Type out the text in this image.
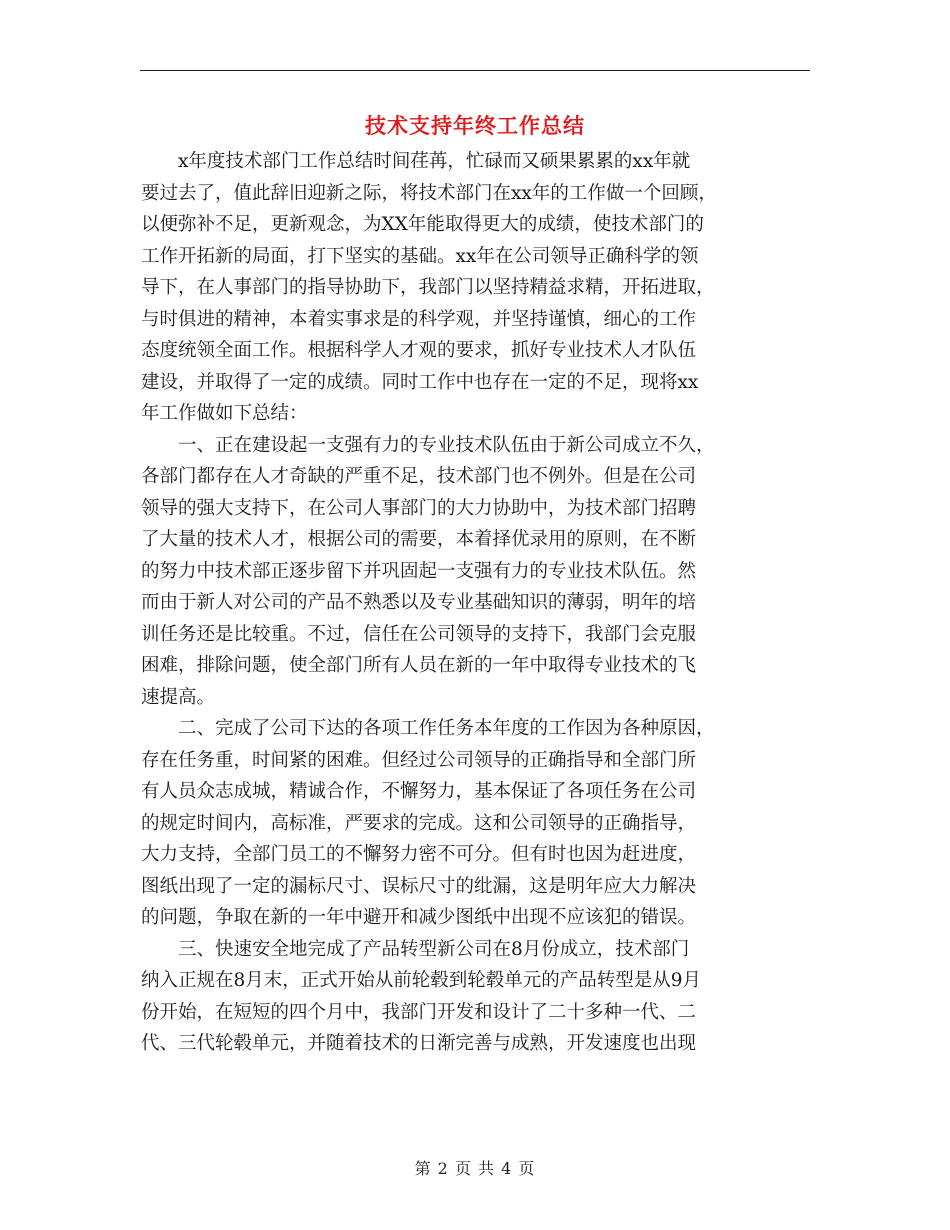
技术支持年终工作总结
x年度技术部门工作总结时间荏苒，忙碌而又硕果累累的xx年就
要过去了，值此辞旧迎新之际，将技术部门在xx年的工作做一个回顾，
以便弥补不足，更新观念，为XX年能取得更大的成绩，使技术部门的
工作开拓新的局面，打下坚实的基础。xx年在公司领导正确科学的领
导下，在人事部门的指导协助下，我部门以坚持精益求精，开拓进取，
与时俱进的精神，本着实事求是的科学观，并坚持谨慎，细心的工作
态度统领全面工作。根据科学人才观的要求，抓好专业技术人才队伍
建设，并取得了一定的成绩。同时工作中也存在一定的不足，现将xx
年工作做如下总结：
一、正在建设起一支强有力的专业技术队伍由于新公司成立不久，
各部门都存在人才奇缺的严重不足，技术部门也不例外。但是在公司
领导的强大支持下，在公司人事部门的大力协助中，为技术部门招聘
了大量的技术人才，根据公司的需要，本着择优录用的原则，在不断
的努力中技术部正逐步留下并巩固起一支强有力的专业技术队伍。然
而由于新人对公司的产品不熟悉以及专业基础知识的薄弱，明年的培
训任务还是比较重。不过，信任在公司领导的支持下，我部门会克服
困难，排除问题，使全部门所有人员在新的一年中取得专业技术的飞
速提高。
二、完成了公司下达的各项工作任务本年度的工作因为各种原因，
存在任务重，时间紧的困难。但经过公司领导的正确指导和全部门所
有人员众志成城，精诚合作，不懈努力，基本保证了各项任务在公司
的规定时间内，高标准，严要求的完成。这和公司领导的正确指导，
大力支持，全部门员工的不懈努力密不可分。但有时也因为赶进度，
图纸出现了一定的漏标尺寸、误标尺寸的纰漏，这是明年应大力解决
的问题，争取在新的一年中避开和减少图纸中出现不应该犯的错误。
三、快速安全地完成了产品转型新公司在8月份成立，技术部门
纳入正规在8月末，正式开始从前轮毂到轮毂单元的产品转型是从9月
份开始，在短短的四个月中，我部门开发和设计了二十多种一代、二
代、三代轮毂单元，并随着技术的日渐完善与成熟，开发速度也出现
第 2 页 共 4 页
